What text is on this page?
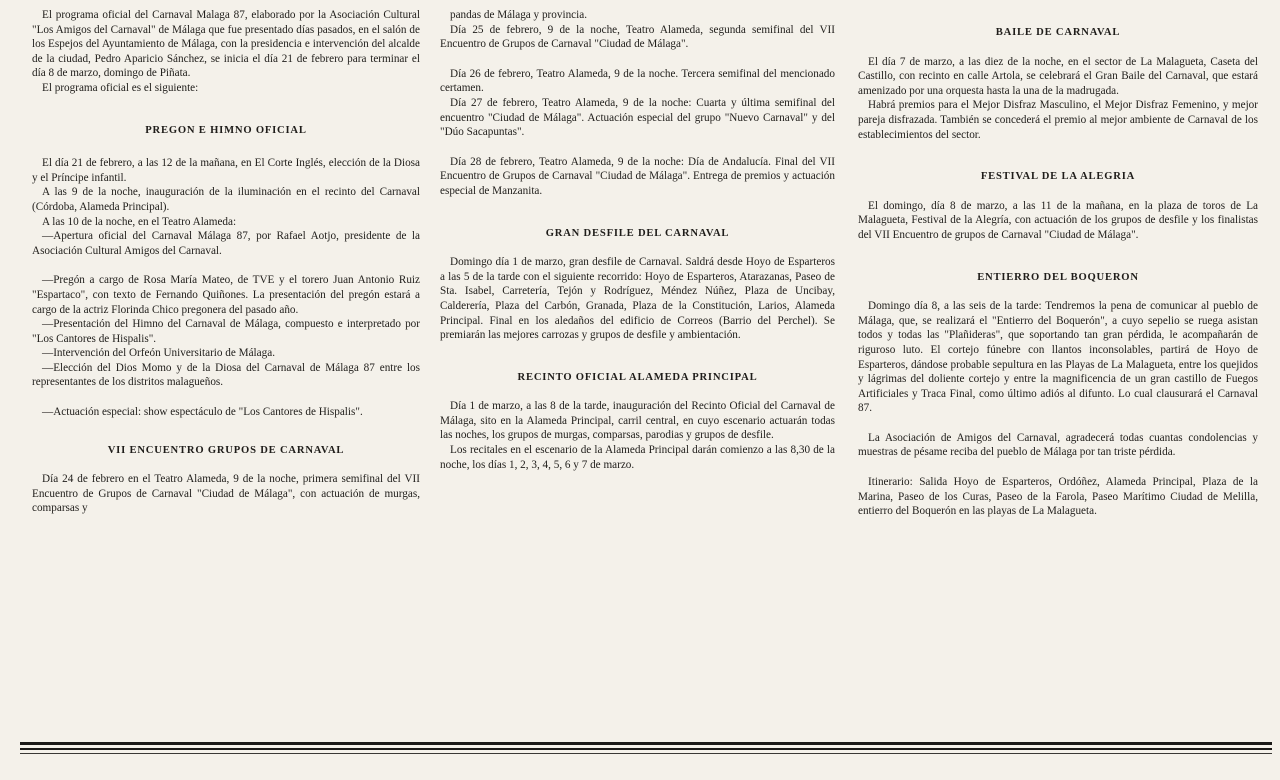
El programa oficial del Carnaval Malaga 87, elaborado por la Asociación Cultural "Los Amigos del Carnaval" de Málaga que fue presentado días pasados, en el salón de los Espejos del Ayuntamiento de Málaga, con la presidencia e intervención del alcalde de la ciudad, Pedro Aparicio Sánchez, se inicia el día 21 de febrero para terminar el día 8 de marzo, domingo de Piñata.

El programa oficial es el siguiente:

PREGON E HIMNO OFICIAL

El día 21 de febrero, a las 12 de la mañana, en El Corte Inglés, elección de la Diosa y el Príncipe infantil.

A las 9 de la noche, inauguración de la iluminación en el recinto del Carnaval (Córdoba, Alameda Principal).

A las 10 de la noche, en el Teatro Alameda:

—Apertura oficial del Carnaval Málaga 87, por Rafael Aotjo, presidente de la Asociación Cultural Amigos del Carnaval.

—Pregón a cargo de Rosa María Mateo, de TVE y el torero Juan Antonio Ruiz "Espartaco", con texto de Fernando Quiñones. La presentación del pregón estará a cargo de la actriz Florinda Chico pregonera del pasado año.

—Presentación del Himno del Carnaval de Málaga, compuesto e interpretado por "Los Cantores de Hispalis".

—Intervención del Orfeón Universitario de Málaga.

—Elección del Dios Momo y de la Diosa del Carnaval de Málaga 87 entre los representantes de los distritos malagueños.

—Actuación especial: show espectáculo de "Los Cantores de Hispalis".

VII ENCUENTRO GRUPOS DE CARNAVAL

Día 24 de febrero en el Teatro Alameda, 9 de la noche, primera semifinal del VII Encuentro de Grupos de Carnaval "Ciudad de Málaga", con actuación de murgas, comparsas y

pandas de Málaga y provincia.

Día 25 de febrero, 9 de la noche, Teatro Alameda, segunda semifinal del VII Encuentro de Grupos de Carnaval "Ciudad de Málaga".

Día 26 de febrero, Teatro Alameda, 9 de la noche. Tercera semifinal del mencionado certamen.

Día 27 de febrero, Teatro Alameda, 9 de la noche: Cuarta y última semifinal del encuentro "Ciudad de Málaga". Actuación especial del grupo "Nuevo Carnaval" y del "Dúo Sacapuntas".

Día 28 de febrero, Teatro Alameda, 9 de la noche: Día de Andalucía. Final del VII Encuentro de Grupos de Carnaval "Ciudad de Málaga". Entrega de premios y actuación especial de Manzanita.

GRAN DESFILE DEL CARNAVAL

Domingo día 1 de marzo, gran desfile de Carnaval. Saldrá desde Hoyo de Esparteros a las 5 de la tarde con el siguiente recorrido: Hoyo de Esparteros, Atarazanas, Paseo de Sta. Isabel, Carretería, Tejón y Rodríguez, Méndez Núñez, Plaza de Uncibay, Calderería, Plaza del Carbón, Granada, Plaza de la Constitución, Larios, Alameda Principal. Final en los aledaños del edificio de Correos (Barrio del Perchel). Se premiarán las mejores carrozas y grupos de desfile y ambientación.

RECINTO OFICIAL ALAMEDA PRINCIPAL

Día 1 de marzo, a las 8 de la tarde, inauguración del Recinto Oficial del Carnaval de Málaga, sito en la Alameda Principal, carril central, en cuyo escenario actuarán todas las noches, los grupos de murgas, comparsas, parodias y grupos de desfile.

Los recitales en el escenario de la Alameda Principal darán comienzo a las 8,30 de la noche, los días 1, 2, 3, 4, 5, 6 y 7 de marzo.

BAILE DE CARNAVAL

El día 7 de marzo, a las diez de la noche, en el sector de La Malagueta, Caseta del Castillo, con recinto en calle Artola, se celebrará el Gran Baile del Carnaval, que estará amenizado por una orquesta hasta la una de la madrugada.

Habrá premios para el Mejor Disfraz Masculino, el Mejor Disfraz Femenino, y mejor pareja disfrazada. También se concederá el premio al mejor ambiente de Carnaval de los establecimientos del sector.

FESTIVAL DE LA ALEGRIA

El domingo, día 8 de marzo, a las 11 de la mañana, en la plaza de toros de La Malagueta, Festival de la Alegría, con actuación de los grupos de desfile y los finalistas del VII Encuentro de grupos de Carnaval "Ciudad de Málaga".

ENTIERRO DEL BOQUERON

Domingo día 8, a las seis de la tarde: Tendremos la pena de comunicar al pueblo de Málaga, que, se realizará el "Entierro del Boquerón", a cuyo sepelio se ruega asistan todos y todas las "Plañideras", que soportando tan gran pérdida, le acompañarán de riguroso luto. El cortejo fúnebre con llantos inconsolables, partirá de Hoyo de Esparteros, dándose probable sepultura en las Playas de La Malagueta, entre los quejidos y lágrimas del doliente cortejo y entre la magnificencia de un gran castillo de Fuegos Artificiales y Traca Final, como último adiós al difunto. Lo cual clausurará el Carnaval 87.

La Asociación de Amigos del Carnaval, agradecerá todas cuantas condolencias y muestras de pésame reciba del pueblo de Málaga por tan triste pérdida.

Itinerario: Salida Hoyo de Esparteros, Ordóñez, Alameda Principal, Plaza de la Marina, Paseo de los Curas, Paseo de la Farola, Paseo Marítimo Ciudad de Melilla, entierro del Boquerón en las playas de La Malagueta.
